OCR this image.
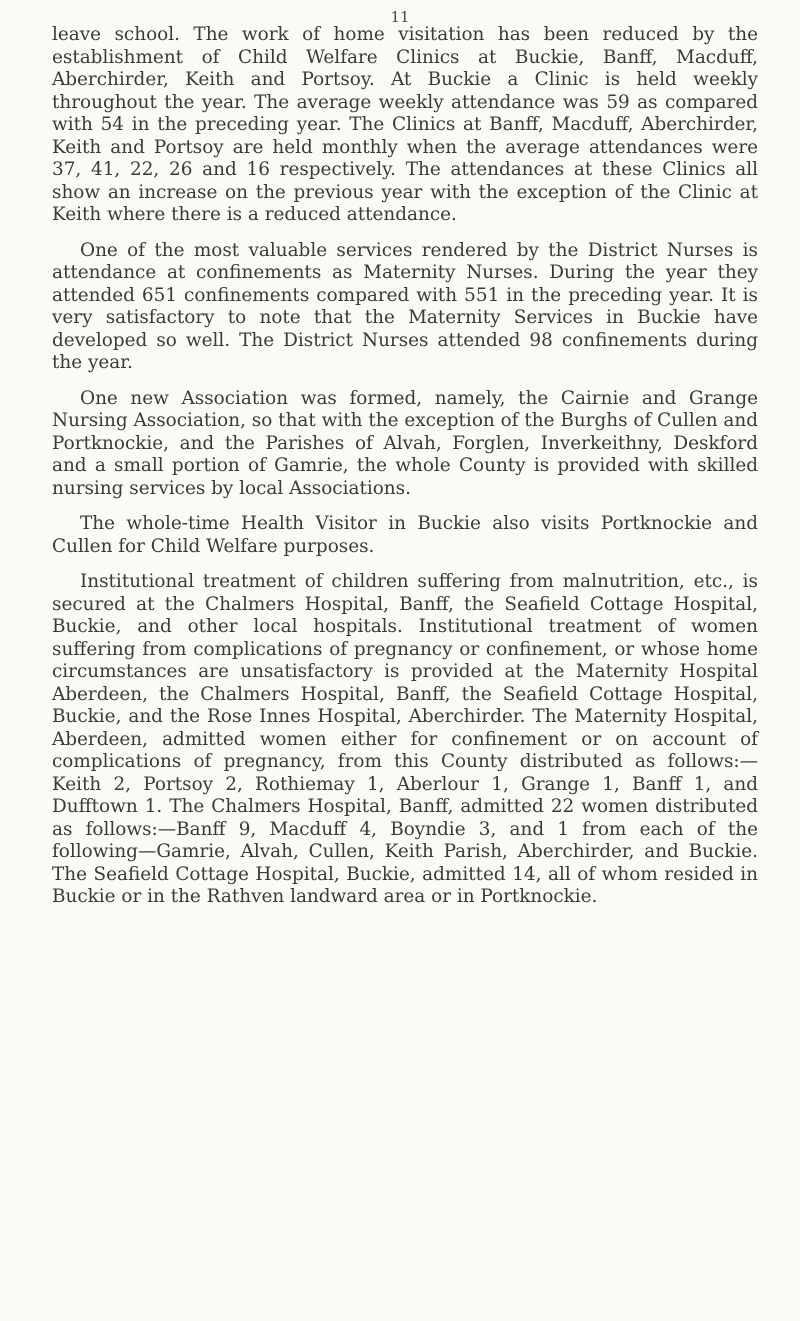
11

leave school. The work of home visitation has been reduced by the establishment of Child Welfare Clinics at Buckie, Banff, Macduff, Aberchirder, Keith and Portsoy. At Buckie a Clinic is held weekly throughout the year. The average weekly attendance was 59 as compared with 54 in the preceding year. The Clinics at Banff, Macduff, Aberchirder, Keith and Portsoy are held monthly when the average attendances were 37, 41, 22, 26 and 16 respectively. The attendances at these Clinics all show an increase on the previous year with the exception of the Clinic at Keith where there is a reduced attendance.

One of the most valuable services rendered by the District Nurses is attendance at confinements as Maternity Nurses. During the year they attended 651 confinements compared with 551 in the preceding year. It is very satisfactory to note that the Maternity Services in Buckie have developed so well. The District Nurses attended 98 confinements during the year.

One new Association was formed, namely, the Cairnie and Grange Nursing Association, so that with the exception of the Burghs of Cullen and Portknockie, and the Parishes of Alvah, Forglen, Inverkeithny, Deskford and a small portion of Gamrie, the whole County is provided with skilled nursing services by local Associations.

The whole-time Health Visitor in Buckie also visits Portknockie and Cullen for Child Welfare purposes.

Institutional treatment of children suffering from malnutrition, etc., is secured at the Chalmers Hospital, Banff, the Seafield Cottage Hospital, Buckie, and other local hospitals. Institutional treatment of women suffering from complications of pregnancy or confinement, or whose home circumstances are unsatisfactory is provided at the Maternity Hospital Aberdeen, the Chalmers Hospital, Banff, the Seafield Cottage Hospital, Buckie, and the Rose Innes Hospital, Aberchirder. The Maternity Hospital, Aberdeen, admitted women either for confinement or on account of complications of pregnancy, from this County distributed as follows:— Keith 2, Portsoy 2, Rothiemay 1, Aberlour 1, Grange 1, Banff 1, and Dufftown 1. The Chalmers Hospital, Banff, admitted 22 women distributed as follows:—Banff 9, Macduff 4, Boyndie 3, and 1 from each of the following—Gamrie, Alvah, Cullen, Keith Parish, Aberchirder, and Buckie. The Seafield Cottage Hospital, Buckie, admitted 14, all of whom resided in Buckie or in the Rathven landward area or in Portknockie.
